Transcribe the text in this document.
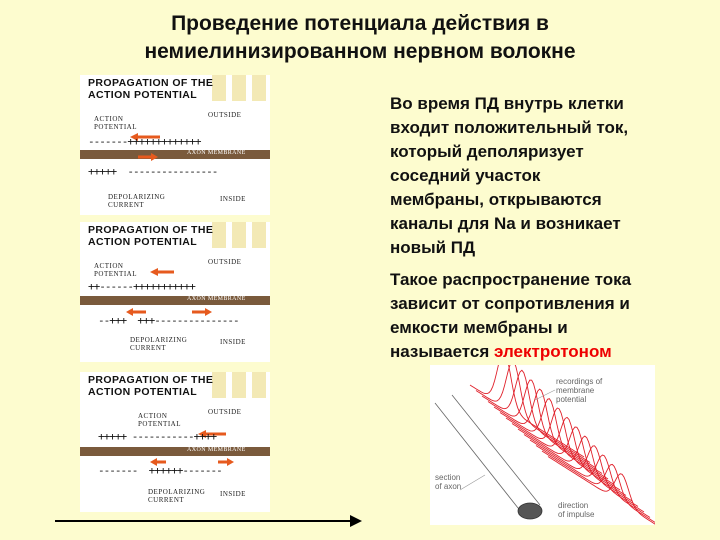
Проведение потенциала действия в
немиелинизированном нервном волокне
PROPAGATION OF THE
ACTION POTENTIAL
OUTSIDE
ACTION
POTENTIAL
-------+++++++++++++
AXON MEMBRANE
+++++  ----------------
DEPOLARIZING
CURRENT
INSIDE
PROPAGATION OF THE
ACTION POTENTIAL
OUTSIDE
ACTION
POTENTIAL
++------+++++++++++
AXON MEMBRANE
--+++  +++---------------
DEPOLARIZING
CURRENT
INSIDE
PROPAGATION OF THE
ACTION POTENTIAL
OUTSIDE
ACTION
POTENTIAL
+++++ -----------++++
AXON MEMBRANE
-------  ++++++-------
DEPOLARIZING
CURRENT
INSIDE
Во время ПД внутрь клетки
входит положительный ток,
который деполяризует
соседний участок
мембраны, открываются
каналы для Na и возникает
новый ПД
Такое распространение тока
зависит от сопротивления и
емкости мембраны и
называется электротоном
recordings of
membrane
potential
section
of axon
direction
of impulse
